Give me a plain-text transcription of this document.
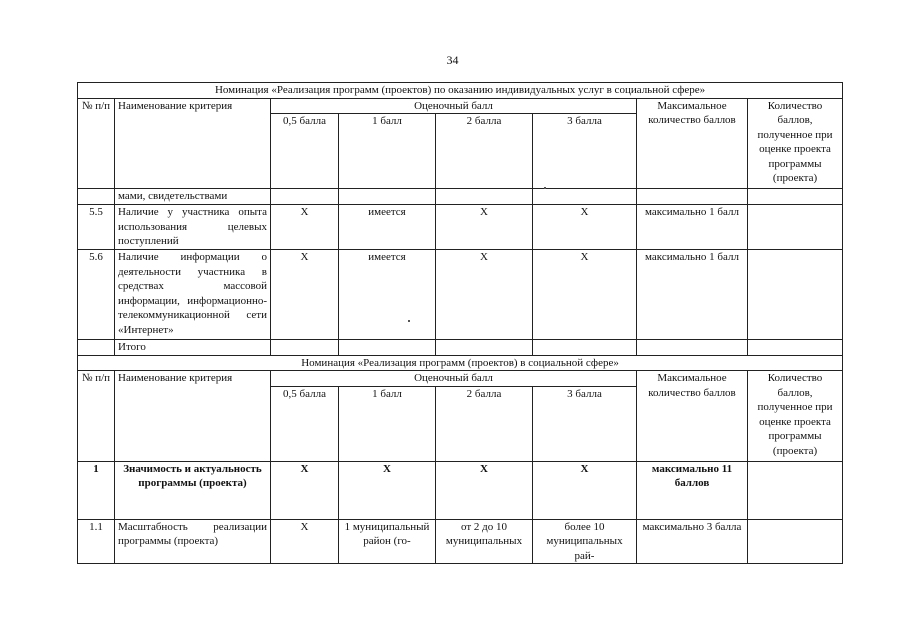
34
Номинация «Реализация программ (проектов) по оказанию индивидуальных услуг в социальной сфере»							
№ п/п	Наименование критерия	Оценочный балл				Максимальное количество баллов	Количество баллов, полученное при оценке проекта программы (проекта)
		0,5 балла	1 балл	2 балла	3 балла		
	мами, свидетельствами						
5.5	Наличие у участника опыта использования целевых поступлений	Х	имеется	Х	Х	максимально 1 балл	
5.6	Наличие информации о деятельности участника в средствах массовой информации, информационно-телекоммуникационной сети «Интернет»	Х	имеется	Х	Х	максимально 1 балл	
	Итого						
Номинация «Реализация программ (проектов) в социальной сфере»							
№ п/п	Наименование критерия	Оценочный балл				Максимальное количество баллов	Количество баллов, полученное при оценке проекта программы (проекта)
		0,5 балла	1 балл	2 балла	3 балла		
1	Значимость и актуальность программы (проекта)	Х	Х	Х	Х	максимально 11 баллов	
1.1	Масштабность реализации программы (проекта)	Х	1 муниципальный район (го-	от 2 до 10 муниципальных	более 10 муниципальных рай-	максимально 3 балла	
